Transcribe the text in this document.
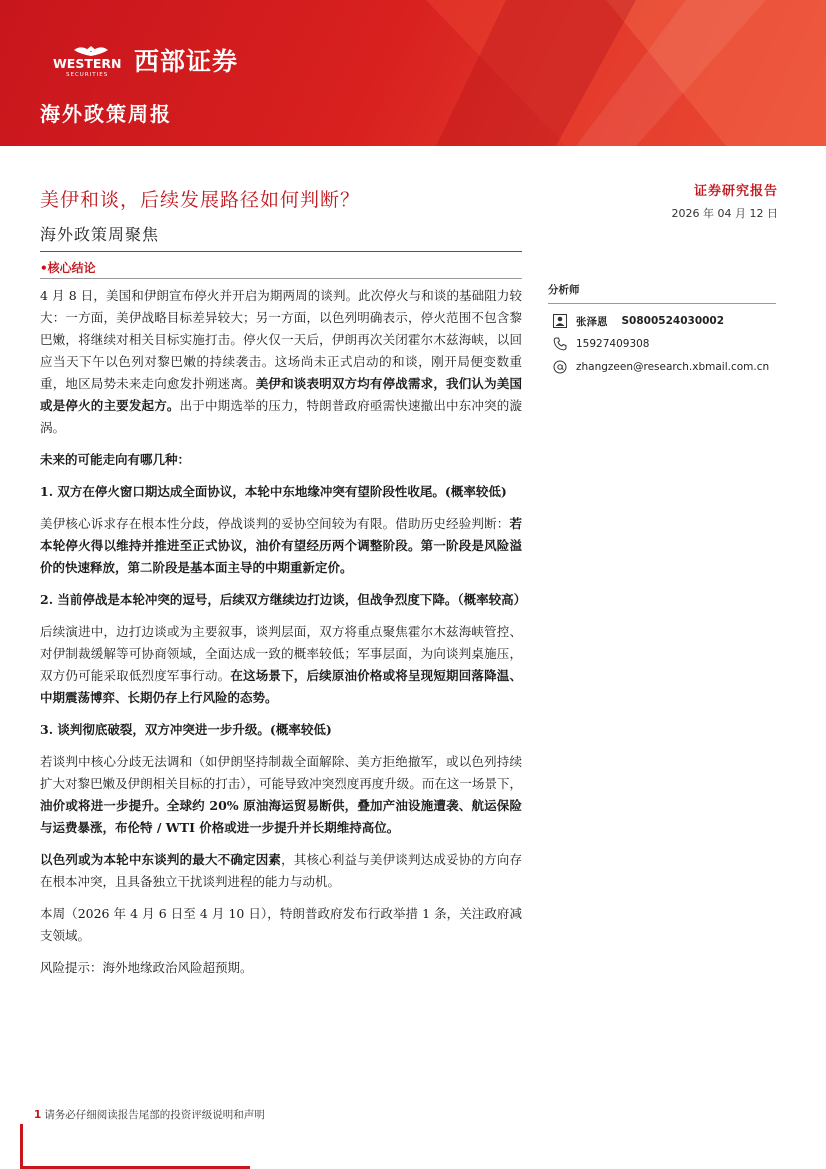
WESTERN
SECURITIES 西部证券
海外政策周报
美伊和谈，后续发展路径如何判断？	证券研究报告
2026 年 04 月 12 日
海外政策周聚焦
•核心结论

4 月 8 日，美国和伊朗宣布停火并开启为期两周的谈判。此次停火与和谈的基础阻力较大：一方面，美伊战略目标差异较大；另一方面，以色列明确表示，停火范围不包含黎巴嫩，将继续对相关目标实施打击。停火仅一天后，伊朗再次关闭霍尔木兹海峡，以回应当天下午以色列对黎巴嫩的持续袭击。这场尚未正式启动的和谈，刚开局便变数重重，地区局势未来走向愈发扑朔迷离。美伊和谈表明双方均有停战需求，我们认为美国或是停火的主要发起方。出于中期选举的压力，特朗普政府亟需快速撤出中东冲突的漩涡。

未来的可能走向有哪几种：

1. 双方在停火窗口期达成全面协议，本轮中东地缘冲突有望阶段性收尾。(概率较低)

美伊核心诉求存在根本性分歧，停战谈判的妥协空间较为有限。借助历史经验判断：若本轮停火得以维持并推进至正式协议，油价有望经历两个调整阶段。第一阶段是风险溢价的快速释放，第二阶段是基本面主导的中期重新定价。

2. 当前停战是本轮冲突的逗号，后续双方继续边打边谈，但战争烈度下降。（概率较高）

后续演进中，边打边谈或为主要叙事，谈判层面，双方将重点聚焦霍尔木兹海峡管控、对伊制裁缓解等可协商领域，全面达成一致的概率较低；军事层面，为向谈判桌施压，双方仍可能采取低烈度军事行动。在这场景下，后续原油价格或将呈现短期回落降温、中期震荡博弈、长期仍存上行风险的态势。

3. 谈判彻底破裂，双方冲突进一步升级。(概率较低)

若谈判中核心分歧无法调和（如伊朗坚持制裁全面解除、美方拒绝撤军，或以色列持续扩大对黎巴嫩及伊朗相关目标的打击），可能导致冲突烈度再度升级。而在这一场景下，油价或将进一步提升。全球约 20% 原油海运贸易断供，叠加产油设施遭袭、航运保险与运费暴涨，布伦特 / WTI 价格或进一步提升并长期维持高位。

以色列或为本轮中东谈判的最大不确定因素，其核心利益与美伊谈判达成妥协的方向存在根本冲突，且具备独立干扰谈判进程的能力与动机。

本周（2026 年 4 月 6 日至 4 月 10 日），特朗普政府发布行政举措 1 条，关注政府减支领域。

风险提示：海外地缘政治风险超预期。

分析师
张泽恩 S0800524030002
15927409308
zhangzeen@research.xbmail.com.cn
1 请务必仔细阅读报告尾部的投资评级说明和声明
